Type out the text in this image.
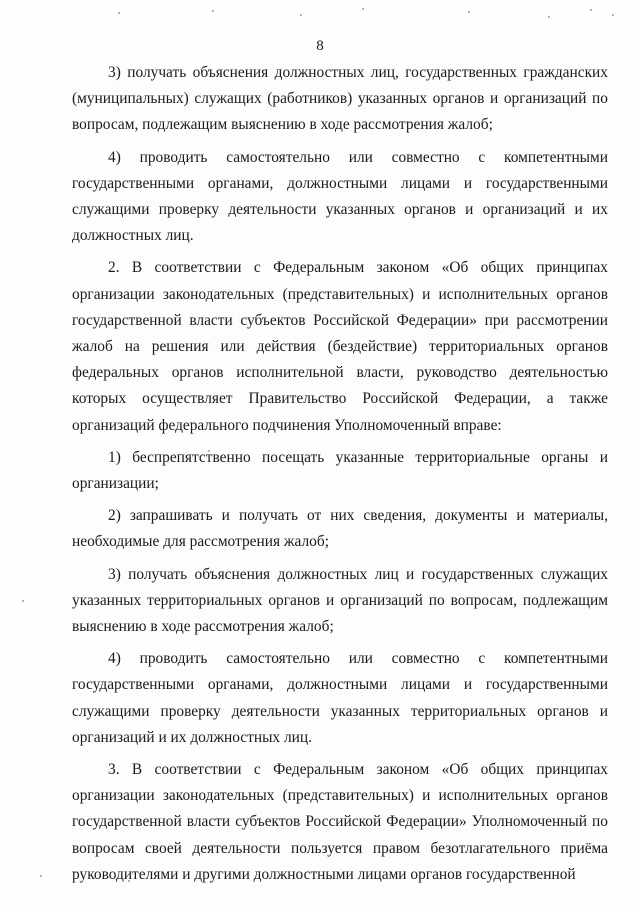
8

3) получать объяснения должностных лиц, государственных гражданских (муниципальных) служащих (работников) указанных органов и организаций по вопросам, подлежащим выяснению в ходе рассмотрения жалоб;

4) проводить самостоятельно или совместно с компетентными государственными органами, должностными лицами и государственными служащими проверку деятельности указанных органов и организаций и их должностных лиц.

2. В соответствии с Федеральным законом «Об общих принципах организации законодательных (представительных) и исполнительных органов государственной власти субъектов Российской Федерации» при рассмотрении жалоб на решения или действия (бездействие) территориальных органов федеральных органов исполнительной власти, руководство деятельностью которых осуществляет Правительство Российской Федерации, а также организаций федерального подчинения Уполномоченный вправе:

1) беспрепятственно посещать указанные территориальные органы и организации;

2) запрашивать и получать от них сведения, документы и материалы, необходимые для рассмотрения жалоб;

3) получать объяснения должностных лиц и государственных служащих указанных территориальных органов и организаций по вопросам, подлежащим выяснению в ходе рассмотрения жалоб;

4) проводить самостоятельно или совместно с компетентными государственными органами, должностными лицами и государственными служащими проверку деятельности указанных территориальных органов и организаций и их должностных лиц.

3. В соответствии с Федеральным законом «Об общих принципах организации законодательных (представительных) и исполнительных органов государственной власти субъектов Российской Федерации» Уполномоченный по вопросам своей деятельности пользуется правом безотлагательного приёма руководителями и другими должностными лицами органов государственной
